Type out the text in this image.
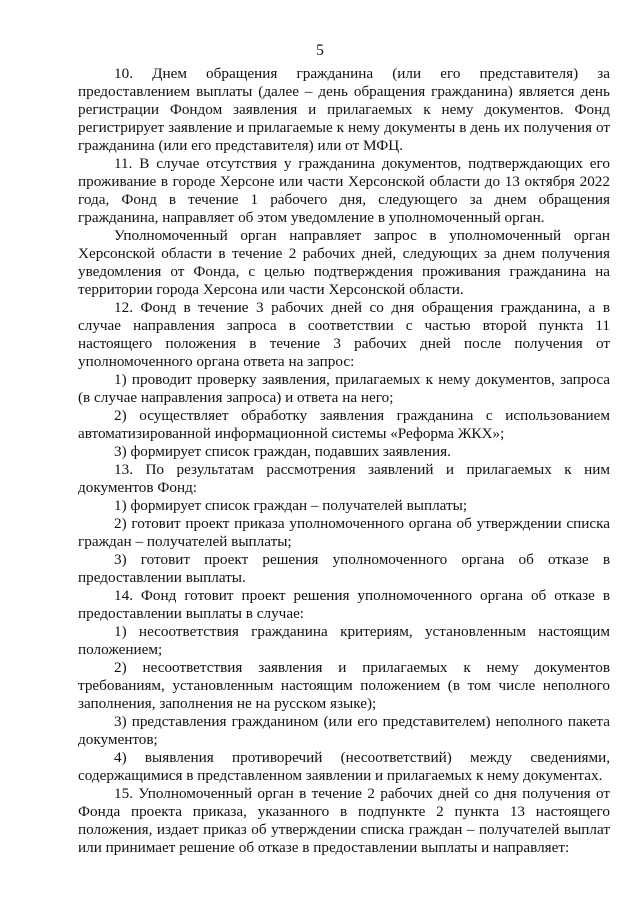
5

10. Днем обращения гражданина (или его представителя) за предоставлением выплаты (далее – день обращения гражданина) является день регистрации Фондом заявления и прилагаемых к нему документов. Фонд регистрирует заявление и прилагаемые к нему документы в день их получения от гражданина (или его представителя) или от МФЦ.

11. В случае отсутствия у гражданина документов, подтверждающих его проживание в городе Херсоне или части Херсонской области до 13 октября 2022 года, Фонд в течение 1 рабочего дня, следующего за днем обращения гражданина, направляет об этом уведомление в уполномоченный орган.

Уполномоченный орган направляет запрос в уполномоченный орган Херсонской области в течение 2 рабочих дней, следующих за днем получения уведомления от Фонда, с целью подтверждения проживания гражданина на территории города Херсона или части Херсонской области.

12. Фонд в течение 3 рабочих дней со дня обращения гражданина, а в случае направления запроса в соответствии с частью второй пункта 11 настоящего положения в течение 3 рабочих дней после получения от уполномоченного органа ответа на запрос:

1) проводит проверку заявления, прилагаемых к нему документов, запроса (в случае направления запроса) и ответа на него;

2) осуществляет обработку заявления гражданина с использованием автоматизированной информационной системы «Реформа ЖКХ»;

3) формирует список граждан, подавших заявления.

13. По результатам рассмотрения заявлений и прилагаемых к ним документов Фонд:

1) формирует список граждан – получателей выплаты;

2) готовит проект приказа уполномоченного органа об утверждении списка граждан – получателей выплаты;

3) готовит проект решения уполномоченного органа об отказе в предоставлении выплаты.

14. Фонд готовит проект решения уполномоченного органа об отказе в предоставлении выплаты в случае:

1) несоответствия гражданина критериям, установленным настоящим положением;

2) несоответствия заявления и прилагаемых к нему документов требованиям, установленным настоящим положением (в том числе неполного заполнения, заполнения не на русском языке);

3) представления гражданином (или его представителем) неполного пакета документов;

4) выявления противоречий (несоответствий) между сведениями, содержащимися в представленном заявлении и прилагаемых к нему документах.

15. Уполномоченный орган в течение 2 рабочих дней со дня получения от Фонда проекта приказа, указанного в подпункте 2 пункта 13 настоящего положения, издает приказ об утверждении списка граждан – получателей выплат или принимает решение об отказе в предоставлении выплаты и направляет:
